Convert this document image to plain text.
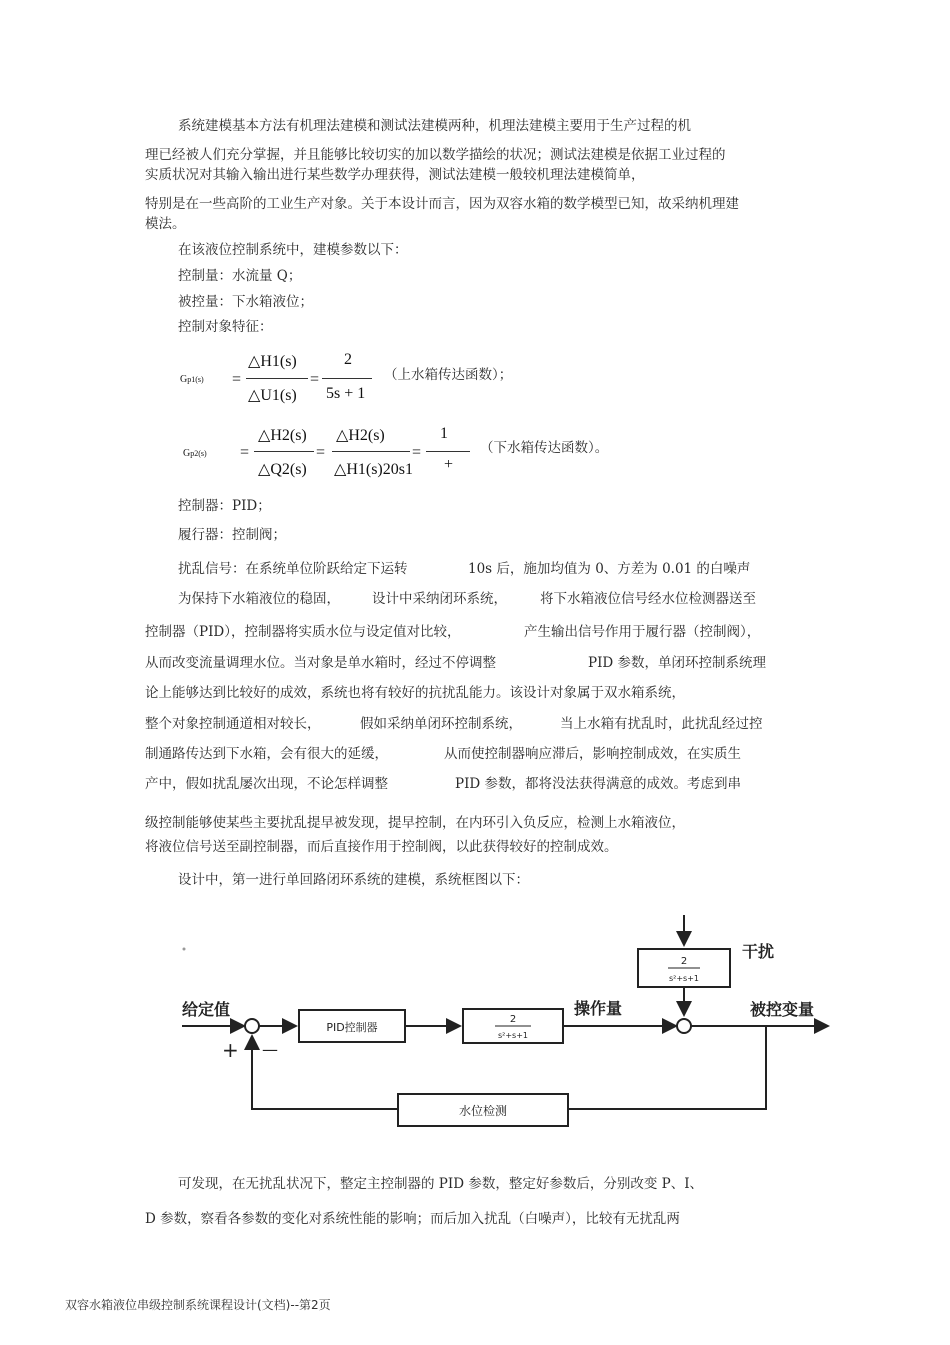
系统建模基本方法有机理法建模和测试法建模两种，机理法建模主要用于生产过程的机
理已经被人们充分掌握，并且能够比较切实的加以数学描绘的状况；测试法建模是依据工业过程的
实质状况对其输入输出进行某些数学办理获得，测试法建模一般较机理法建模简单，
特别是在一些高阶的工业生产对象。关于本设计而言，因为双容水箱的数学模型已知，故采纳机理建
模法。
在该液位控制系统中，建模参数以下：
控制量：水流量 Q；
被控量：下水箱液位；
控制对象特征：
Gp1(s) =
△H1(s)
△U1(s)
=
2
5s + 1
（上水箱传达函数）；
Gp2(s) =
△H2(s)
△Q2(s)
=
△H2(s)
△H1(s)20s1
=
1
+
（下水箱传达函数）。
控制器：PID；
履行器：控制阀；
扰乱信号：在系统单位阶跃给定下运转	10s 后，施加均值为 0、方差为 0.01 的白噪声
为保持下水箱液位的稳固， 设计中采纳闭环系统， 将下水箱液位信号经水位检测器送至
控制器（PID），控制器将实质水位与设定值对比较，	产生输出信号作用于履行器（控制阀），
从而改变流量调理水位。当对象是单水箱时，经过不停调整	PID 参数，单闭环控制系统理
论上能够达到比较好的成效，系统也将有较好的抗扰乱能力。该设计对象属于双水箱系统，
整个对象控制通道相对较长，	假如采纳单闭环控制系统，	当上水箱有扰乱时，此扰乱经过控
制通路传达到下水箱，会有很大的延缓，	从而使控制器响应滞后，影响控制成效，在实质生
产中，假如扰乱屡次出现，不论怎样调整	PID 参数，都将没法获得满意的成效。考虑到串
级控制能够使某些主要扰乱提早被发现，提早控制，在内环引入负反应，检测上水箱液位，
将液位信号送至副控制器，而后直接作用于控制阀，以此获得较好的控制成效。
设计中，第一进行单回路闭环系统的建模，系统框图以下：
给定值
+ —
PID控制器
2
s²+s+1
操作量
2
s²+s+1
干扰
被控变量
水位检测
可发现，在无扰乱状况下，整定主控制器的 PID 参数，整定好参数后，分别改变 P、I、
D 参数，察看各参数的变化对系统性能的影响；而后加入扰乱（白噪声），比较有无扰乱两
双容水箱液位串级控制系统课程设计(文档)--第2页
